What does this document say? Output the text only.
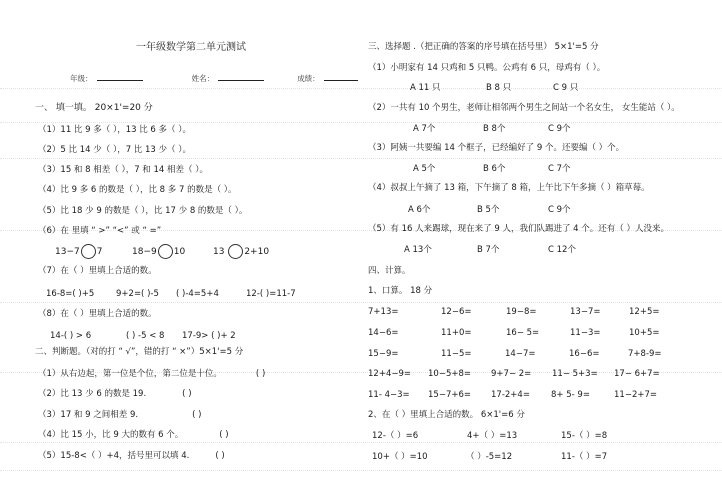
一年级数学第二单元测试
年级：	姓名：	成绩：
一、 填一填。 20×1'=20 分
（1）11 比 9 多（ ），13 比 6 多（ ）。
（2）5 比 14 少（ ），7 比 13 少（ ）。
（3）15 和 8 相差（ ），7 和 14 相差（ ）。
（4）比 9 多 6 的数是（ ），比 8 多 7 的数是（ ）。
（5）比 18 少 9 的数是（ ），比 17 少 8 的数是（ ）。
（6）在 里填 “ >” “<” 或 “ =”
13−7 7	18−9 10	13 2+10
（7）在（ ）里填上合适的数。
16-8=( )+5	9+2=( )-5 ( )-4=5+4	12-( )=11-7
（8）在（ ）里填上合适的数。
14-( ) > 6	( ) -5 < 8 17-9> ( )+ 2
二、判断题。（对的打 “ √”，错的打 “ ×”）5×1'=5 分
（1）从右边起，第一位是个位，第二位是十位。	( )
（2）比 13 少 6 的数是 19.	( )
（3）17 和 9 之间相差 9.	( )
（4）比 15 小，比 9 大的数有 6 个。	( )
（5）15-8<（ ）+4，括号里可以填 4.	( )
三、选择题 .（把正确的答案的序号填在括号里） 5×1'=5 分
（1）小明家有 14 只鸡和 5 只鸭。公鸡有 6 只，母鸡有（ ）。
A 11 只	B 8 只	C 9 只
（2）一共有 10 个男生，老师让相邻两个男生之间站一个名女生， 女生能站（ ）。
A 7个	B 8个	C 9个
（3）阿姨一共要编 14 个框子，已经编好了 9 个。还要编（ ）个。
A 5个	B 6个	C 7个
（4）叔叔上午摘了 13 箱，下午摘了 8 箱，上午比下午多摘（ ）箱草莓。
A 6个	B 5个	C 9个
（5）有 16 人来踢球，现在来了 9 人，我们队踢进了 4 个。还有（ ）人没来。
A 13个	B 7个	C 12个
四、计算。
1、口算。 18 分
7+13=	12−6=	19−8=	13−7=	12+5=
14−6=	11+0=	16− 5=	11−3=	10+5=
15−9=	11−5=	14−7=	16−6=	7+8-9=
12+4−9= 10−5+8= 9+7− 2= 11− 5+3= 17− 6+7=
11- 4−3= 15−7+6= 17-2+4= 8+ 5- 9=	11−2+7=
2、在（ ）里填上合适的数。 6×1'=6 分
12-（ ）=6	4+（ ）=13	15-（ ）=8
10+（ ）=10	（ ）-5=12	11-（ ）=7
